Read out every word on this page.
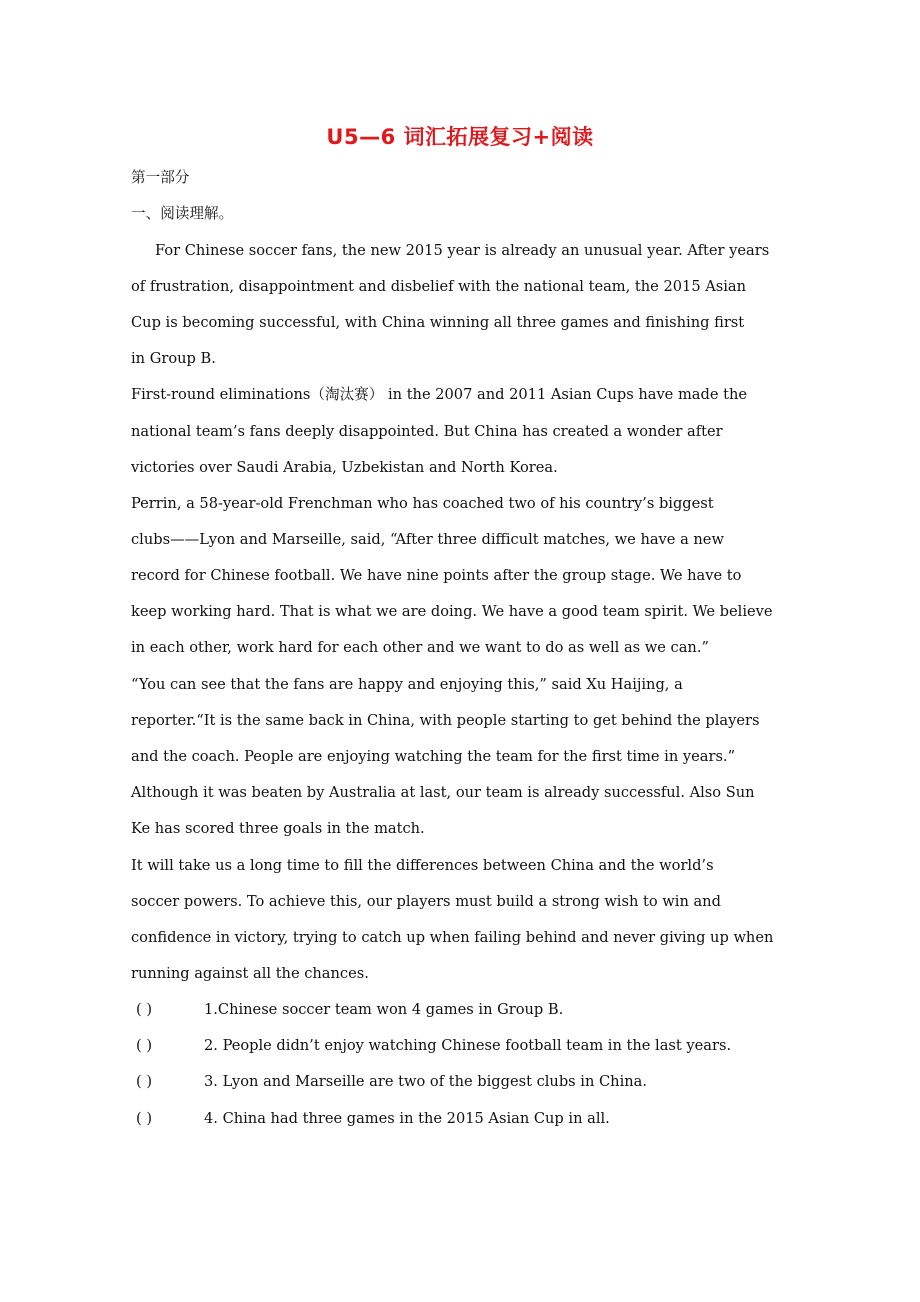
U5—6 词汇拓展复习+阅读
第一部分
一、阅读理解。
For Chinese soccer fans, the new 2015 year is already an unusual year. After years
of frustration, disappointment and disbelief with the national team, the 2015 Asian
Cup is becoming successful, with China winning all three games and finishing first
in Group B.
First-round eliminations（淘汰赛） in the 2007 and 2011 Asian Cups have made the
national team’s fans deeply disappointed. But China has created a wonder after
victories over Saudi Arabia, Uzbekistan and North Korea.
Perrin, a 58-year-old Frenchman who has coached two of his country’s biggest
clubs——Lyon and Marseille, said, “After three difficult matches, we have a new
record for Chinese football. We have nine points after the group stage. We have to
keep working hard. That is what we are doing. We have a good team spirit. We believe
in each other, work hard for each other and we want to do as well as we can.”
“You can see that the fans are happy and enjoying this,” said Xu Haijing, a
reporter.“It is the same back in China, with people starting to get behind the players
and the coach. People are enjoying watching the team for the first time in years.”
Although it was beaten by Australia at last, our team is already successful. Also Sun
Ke has scored three goals in the match.
It will take us a long time to fill the differences between China and the world’s
soccer powers. To achieve this, our players must build a strong wish to win and
confidence in victory, trying to catch up when failing behind and never giving up when
running against all the chances.
( )	1.Chinese soccer team won 4 games in Group B.
( )	2. People didn’t enjoy watching Chinese football team in the last years.
( )	3. Lyon and Marseille are two of the biggest clubs in China.
( )	4. China had three games in the 2015 Asian Cup in all.
